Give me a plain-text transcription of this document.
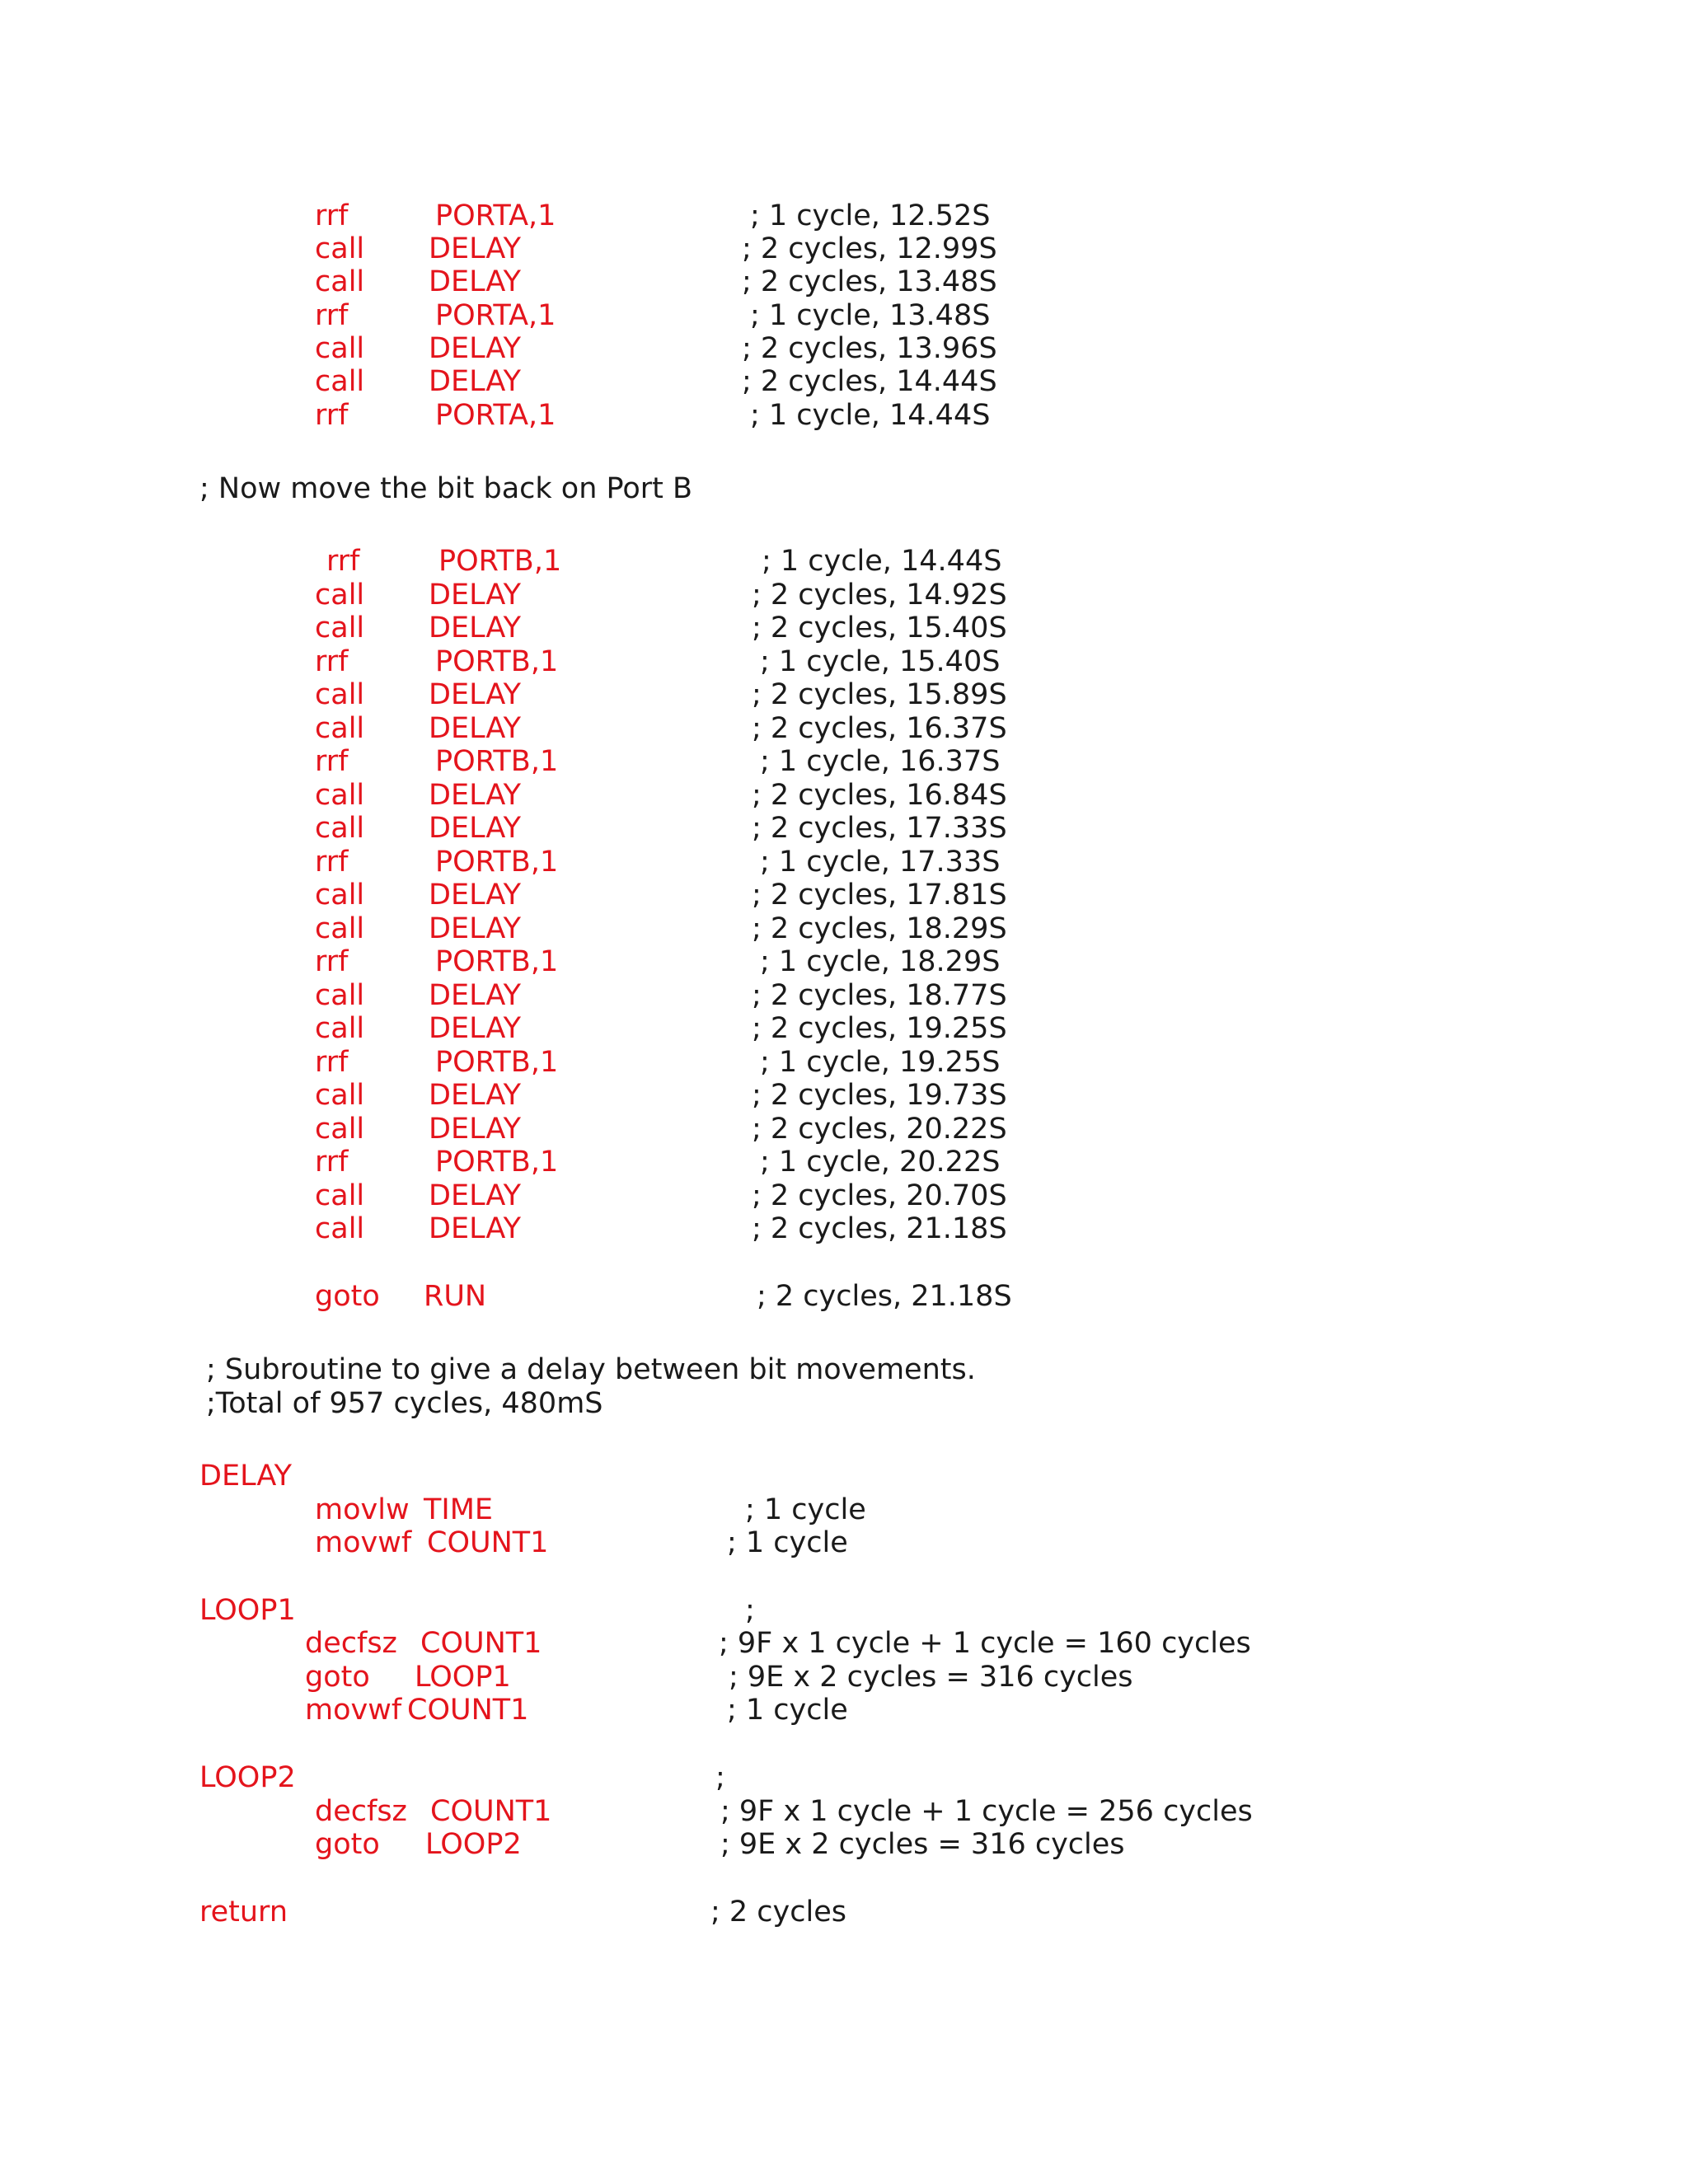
rrf	PORTA,1	; 1 cycle, 12.52S
call DELAY	; 2 cycles, 12.99S
call DELAY	; 2 cycles, 13.48S
rrf	PORTA,1	; 1 cycle, 13.48S
call DELAY	; 2 cycles, 13.96S
call DELAY	; 2 cycles, 14.44S
rrf	PORTA,1	; 1 cycle, 14.44S
; Now move the bit back on Port B
rrf	PORTB,1	; 1 cycle, 14.44S
call DELAY	; 2 cycles, 14.92S
call DELAY	; 2 cycles, 15.40S
rrf	PORTB,1	; 1 cycle, 15.40S
call DELAY	; 2 cycles, 15.89S
call DELAY	; 2 cycles, 16.37S
rrf	PORTB,1	; 1 cycle, 16.37S
call DELAY	; 2 cycles, 16.84S
call DELAY	; 2 cycles, 17.33S
rrf	PORTB,1	; 1 cycle, 17.33S
call DELAY	; 2 cycles, 17.81S
call DELAY	; 2 cycles, 18.29S
rrf	PORTB,1	; 1 cycle, 18.29S
call DELAY	; 2 cycles, 18.77S
call DELAY	; 2 cycles, 19.25S
rrf	PORTB,1	; 1 cycle, 19.25S
call DELAY	; 2 cycles, 19.73S
call DELAY	; 2 cycles, 20.22S
rrf	PORTB,1	; 1 cycle, 20.22S
call DELAY	; 2 cycles, 20.70S
call DELAY	; 2 cycles, 21.18S
goto RUN	; 2 cycles, 21.18S
; Subroutine to give a delay between bit movements.
;Total of 957 cycles, 480mS
DELAY
movlw TIME	; 1 cycle
movwf COUNT1	; 1 cycle
LOOP1	;
decfsz COUNT1	; 9F x 1 cycle + 1 cycle = 160 cycles
goto LOOP1	; 9E x 2 cycles = 316 cycles
movwf COUNT1	; 1 cycle
LOOP2	;
decfsz COUNT1	; 9F x 1 cycle + 1 cycle = 256 cycles
goto LOOP2	; 9E x 2 cycles = 316 cycles
return	; 2 cycles
